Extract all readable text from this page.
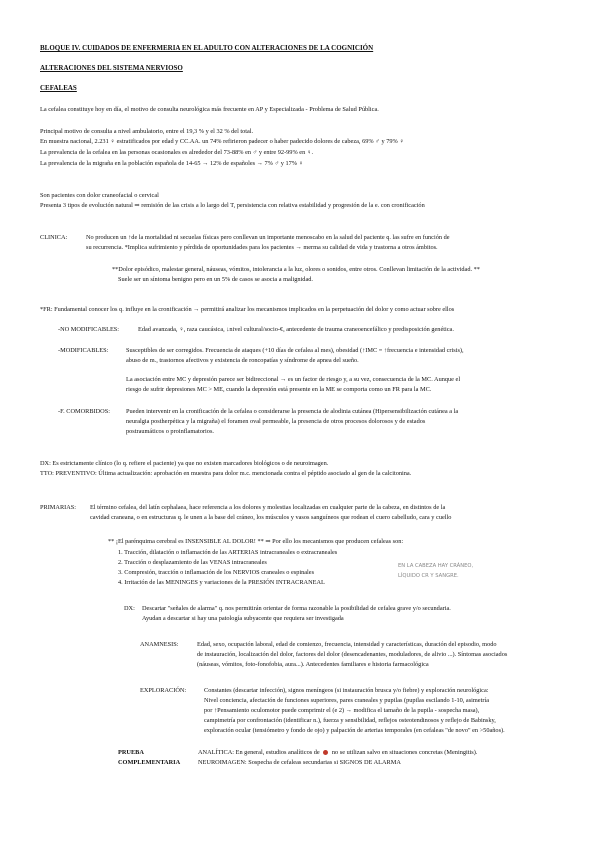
BLOQUE IV. CUIDADOS DE ENFERMERIA EN EL ADULTO CON ALTERACIONES DE LA COGNICIÓN
ALTERACIONES DEL SISTEMA NERVIOSO
CEFALEAS
La cefalea constituye hoy en día, el motivo de consulta neurológica más frecuente en AP y Especializada - Problema de Salud Pública.
Principal motivo de consulta a nivel ambulatorio, entre el 19,3 % y el 32 % del total.
En muestra nacional, 2.231 ♀ estratificados por edad y CC.AA. un 74% refirieron padecer o haber padecido dolores de cabeza, 69% ♂ y 79% ♀
La prevalencia de la cefalea en las personas ocasionales es alrededor del 73-88% en ♂ y entre 92-99% en ♀.
La prevalencia de la migraña en la población española de 14-65 → 12% de españoles → 7% ♂ y 17% ♀
Son pacientes con dolor craneofacial o cervical
Presenta 3 tipos de evolución natural ⇒ remisión de las crisis a lo largo del T, persistencia con relativa estabilidad y progresión de la e. con cronificación
CLINICA:	No producen un ↑de la mortalidad ni secuelas físicas pero conllevan un importante menoscabo en la salud del paciente q. las sufre en función de
su recurrencia. *Implica sufrimiento y pérdida de oportunidades para los pacientes → merma su calidad de vida y trastorna a otros ámbitos.
**Dolor episódico, malestar general, náuseas, vómitos, intolerancia a la luz, olores o sonidos, entre otros. Conllevan limitación de la actividad. **
Suele ser un síntoma benigno pero en un 5% de casos se asocia a malignidad.
*FR: Fundamental conocer los q. influye en la cronificación → permitirá analizar los mecanismos implicados en la perpetuación del dolor y como actuar sobre ellos
-NO MODIFICABLES:	Edad avanzada, ♀, raza caucásica, ↓nivel cultural/socio-€, antecedente de trauma craneoencefálico y predisposición genética.
-MODIFICABLES:	Susceptibles de ser corregidos. Frecuencia de ataques (+10 días de cefalea al mes), obesidad (↑IMC = ↑frecuencia e intensidad crisis),
abuso de m., trastornos afectivos y existencia de roncopatías y síndrome de apnea del sueño.
La asociación entre MC y depresión parece ser bidireccional → es un factor de riesgo y, a su vez, consecuencia de la MC. Aunque el
riesgo de sufrir depresiones MC > ME, cuando la depresión está presente en la ME se comporta como un FR para la MC.
-F. COMORBIDOS:	Pueden intervenir en la cronificación de la cefalea o considerarse la presencia de alodinia cutánea (Hipersensibilización cutánea a la
neuralgia postherpética y la migraña) el foramen oval permeable, la presencia de otros procesos dolorosos y de estados
postraumáticos o proinflamatorios.
DX: Es estrictamente clínico (lo q. refiere el paciente) ya que no existen marcadores biológicos o de neuroimagen.
TTO: PREVENTIVO: Última actualización: aprobación en muestra para dolor m.c. mencionada contra el péptido asociado al gen de la calcitonina.
PRIMARIAS: El término cefalea, del latín cephalaea, hace referencia a los dolores y molestias localizadas en cualquier parte de la cabeza, en distintos de la
cavidad craneana, o en estructuras q. le unen a la base del cráneo, los músculos y vasos sanguíneos que rodean el cuero cabelludo, cara y cuello
** ¡El parénquima cerebral es INSENSIBLE AL DOLOR! ** ⇒ Por ello los mecanismos que producen cefaleas son:
1. Tracción, dilatación o inflamación de las ARTERIAS intracraneales o extracraneales
2. Tracción o desplazamiento de las VENAS intracraneales
3. Compresión, tracción o inflamación de los NERVIOS craneales o espinales
4. Irritación de las MENINGES y variaciones de la PRESIÓN INTRACRANEAL
EN LA CABEZA HAY CRÁNEO,
LÍQUIDO CR Y SANGRE.
DX: Descartar "señales de alarma" q. nos permitirán orientar de forma razonable la posibilidad de cefalea grave y/o secundaria.
Ayudan a descartar si hay una patología subyacente que requiera ser investigada
ANAMNESIS:	Edad, sexo, ocupación laboral, edad de comienzo, frecuencia, intensidad y características, duración del episodio, modo
de instauración, localización del dolor, factores del dolor (desencadenantes, moduladores, de alivio ...). Síntomas asociados
(náuseas, vómitos, foto-fonofobia, aura...). Antecedentes familiares e historia farmacológica
EXPLORACIÓN:	Constantes (descartar infección), signos meníngeos (si instauración brusca y/o fiebre) y exploración neurológica:
Nivel conciencia, afectación de funciones superiores, pares craneales y pupilas (pupilas escilando 1-10, asimetría
por ↑Pensamiento oculomotor puede comprimir el (e 2) → modifica el tamaño de la pupila - sospecha masa),
campimetría por confrontación (identificar n.), fuerza y sensibilidad, reflejos osteotendinosos y reflejo de Babinsky,
exploración ocular (tensiómetro y fondo de ojo) y palpación de arterias temporales (en cefaleas "de novo" en >50años).
PRUEBA
COMPLEMENTARIA
ANALÍTICA: En general, estudios analíticos de no se utilizan salvo en situaciones concretas (Meningitis).
NEUROIMAGEN: Sospecha de cefaleas secundarias si SIGNOS DE ALARMA
